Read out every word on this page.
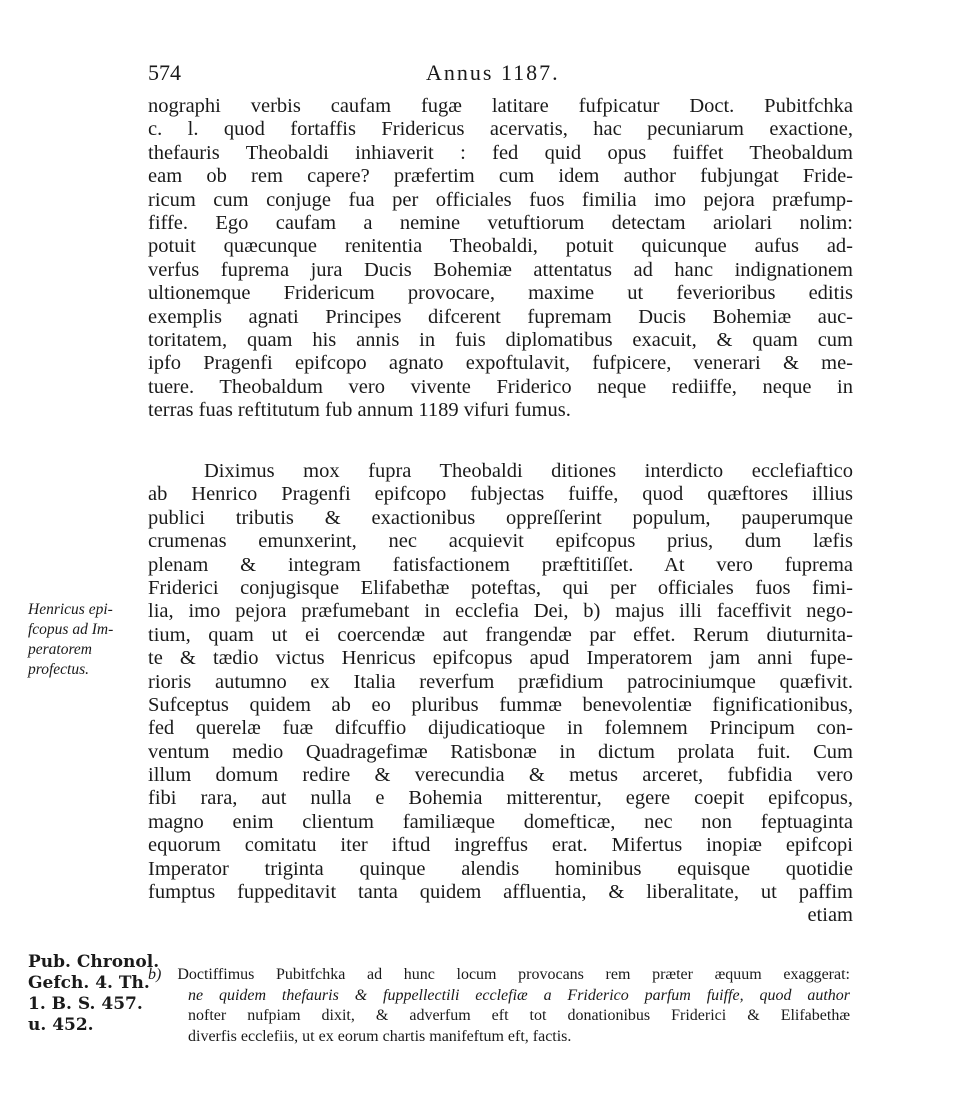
574	Annus 1187.
nographi verbis caufam fugæ latitare fufpicatur Doct. Pubitfchka
c. l. quod fortaffis Fridericus acervatis, hac pecuniarum exactione,
thefauris Theobaldi inhiaverit : fed quid opus fuiffet Theobaldum
eam ob rem capere? præfertim cum idem author fubjungat Fride-
ricum cum conjuge fua per officiales fuos fimilia imo pejora præfump-
fiffe. Ego caufam a nemine vetuftiorum detectam ariolari nolim:
potuit quæcunque renitentia Theobaldi, potuit quicunque aufus ad-
verfus fuprema jura Ducis Bohemiæ attentatus ad hanc indignationem
ultionemque Fridericum provocare, maxime ut feverioribus editis
exemplis agnati Principes difcerent fupremam Ducis Bohemiæ auc-
toritatem, quam his annis in fuis diplomatibus exacuit, & quam cum
ipfo Pragenfi epifcopo agnato expoftulavit, fufpicere, venerari & me-
tuere. Theobaldum vero vivente Friderico neque rediiffe, neque in
terras fuas reftitutum fub annum 1189 vifuri fumus.
Diximus mox fupra Theobaldi ditiones interdicto ecclefiaftico
ab Henrico Pragenfi epifcopo fubjectas fuiffe, quod quæftores illius
publici tributis & exactionibus oppreſſerint populum, pauperumque
crumenas emunxerint, nec acquievit epifcopus prius, dum læfis
plenam & integram fatisfactionem præftitiſſet. At vero fuprema
Friderici conjugisque Elifabethæ poteftas, qui per officiales fuos fimi-
lia, imo pejora præfumebant in ecclefia Dei, b) majus illi faceffivit nego-
tium, quam ut ei coercendæ aut frangendæ par effet. Rerum diuturnita-
te & tædio victus Henricus epifcopus apud Imperatorem jam anni fupe-
rioris autumno ex Italia reverfum præfidium patrociniumque quæfivit.
Sufceptus quidem ab eo pluribus fummæ benevolentiæ fignificationibus,
fed querelæ fuæ difcuffio dijudicatioque in folemnem Principum con-
ventum medio Quadragefimæ Ratisbonæ in dictum prolata fuit. Cum
illum domum redire & verecundia & metus arceret, fubfidia vero
fibi rara, aut nulla e Bohemia mitterentur, egere coepit epifcopus,
magno enim clientum familiæque domefticæ, nec non feptuaginta
equorum comitatu iter iftud ingreffus erat. Mifertus inopiæ epifcopi
Imperator triginta quinque alendis hominibus equisque quotidie
fumptus fuppeditavit tanta quidem affluentia, & liberalitate, ut paffim
etiam
Henricus epi-
fcopus ad Im-
peratorem
profectus.
Pub. Chronol.
Gefch. 4. Th.
1. B. S. 457.
u. 452.
b) Doctiffimus Pubitfchka ad hunc locum provocans rem præter æquum exaggerat:
ne quidem thefauris & fuppellectili ecclefiæ a Friderico parfum fuiffe, quod author
nofter nufpiam dixit, & adverfum eft tot donationibus Friderici & Elifabethæ
diverfis ecclefiis, ut ex eorum chartis manifeftum eft, factis.
